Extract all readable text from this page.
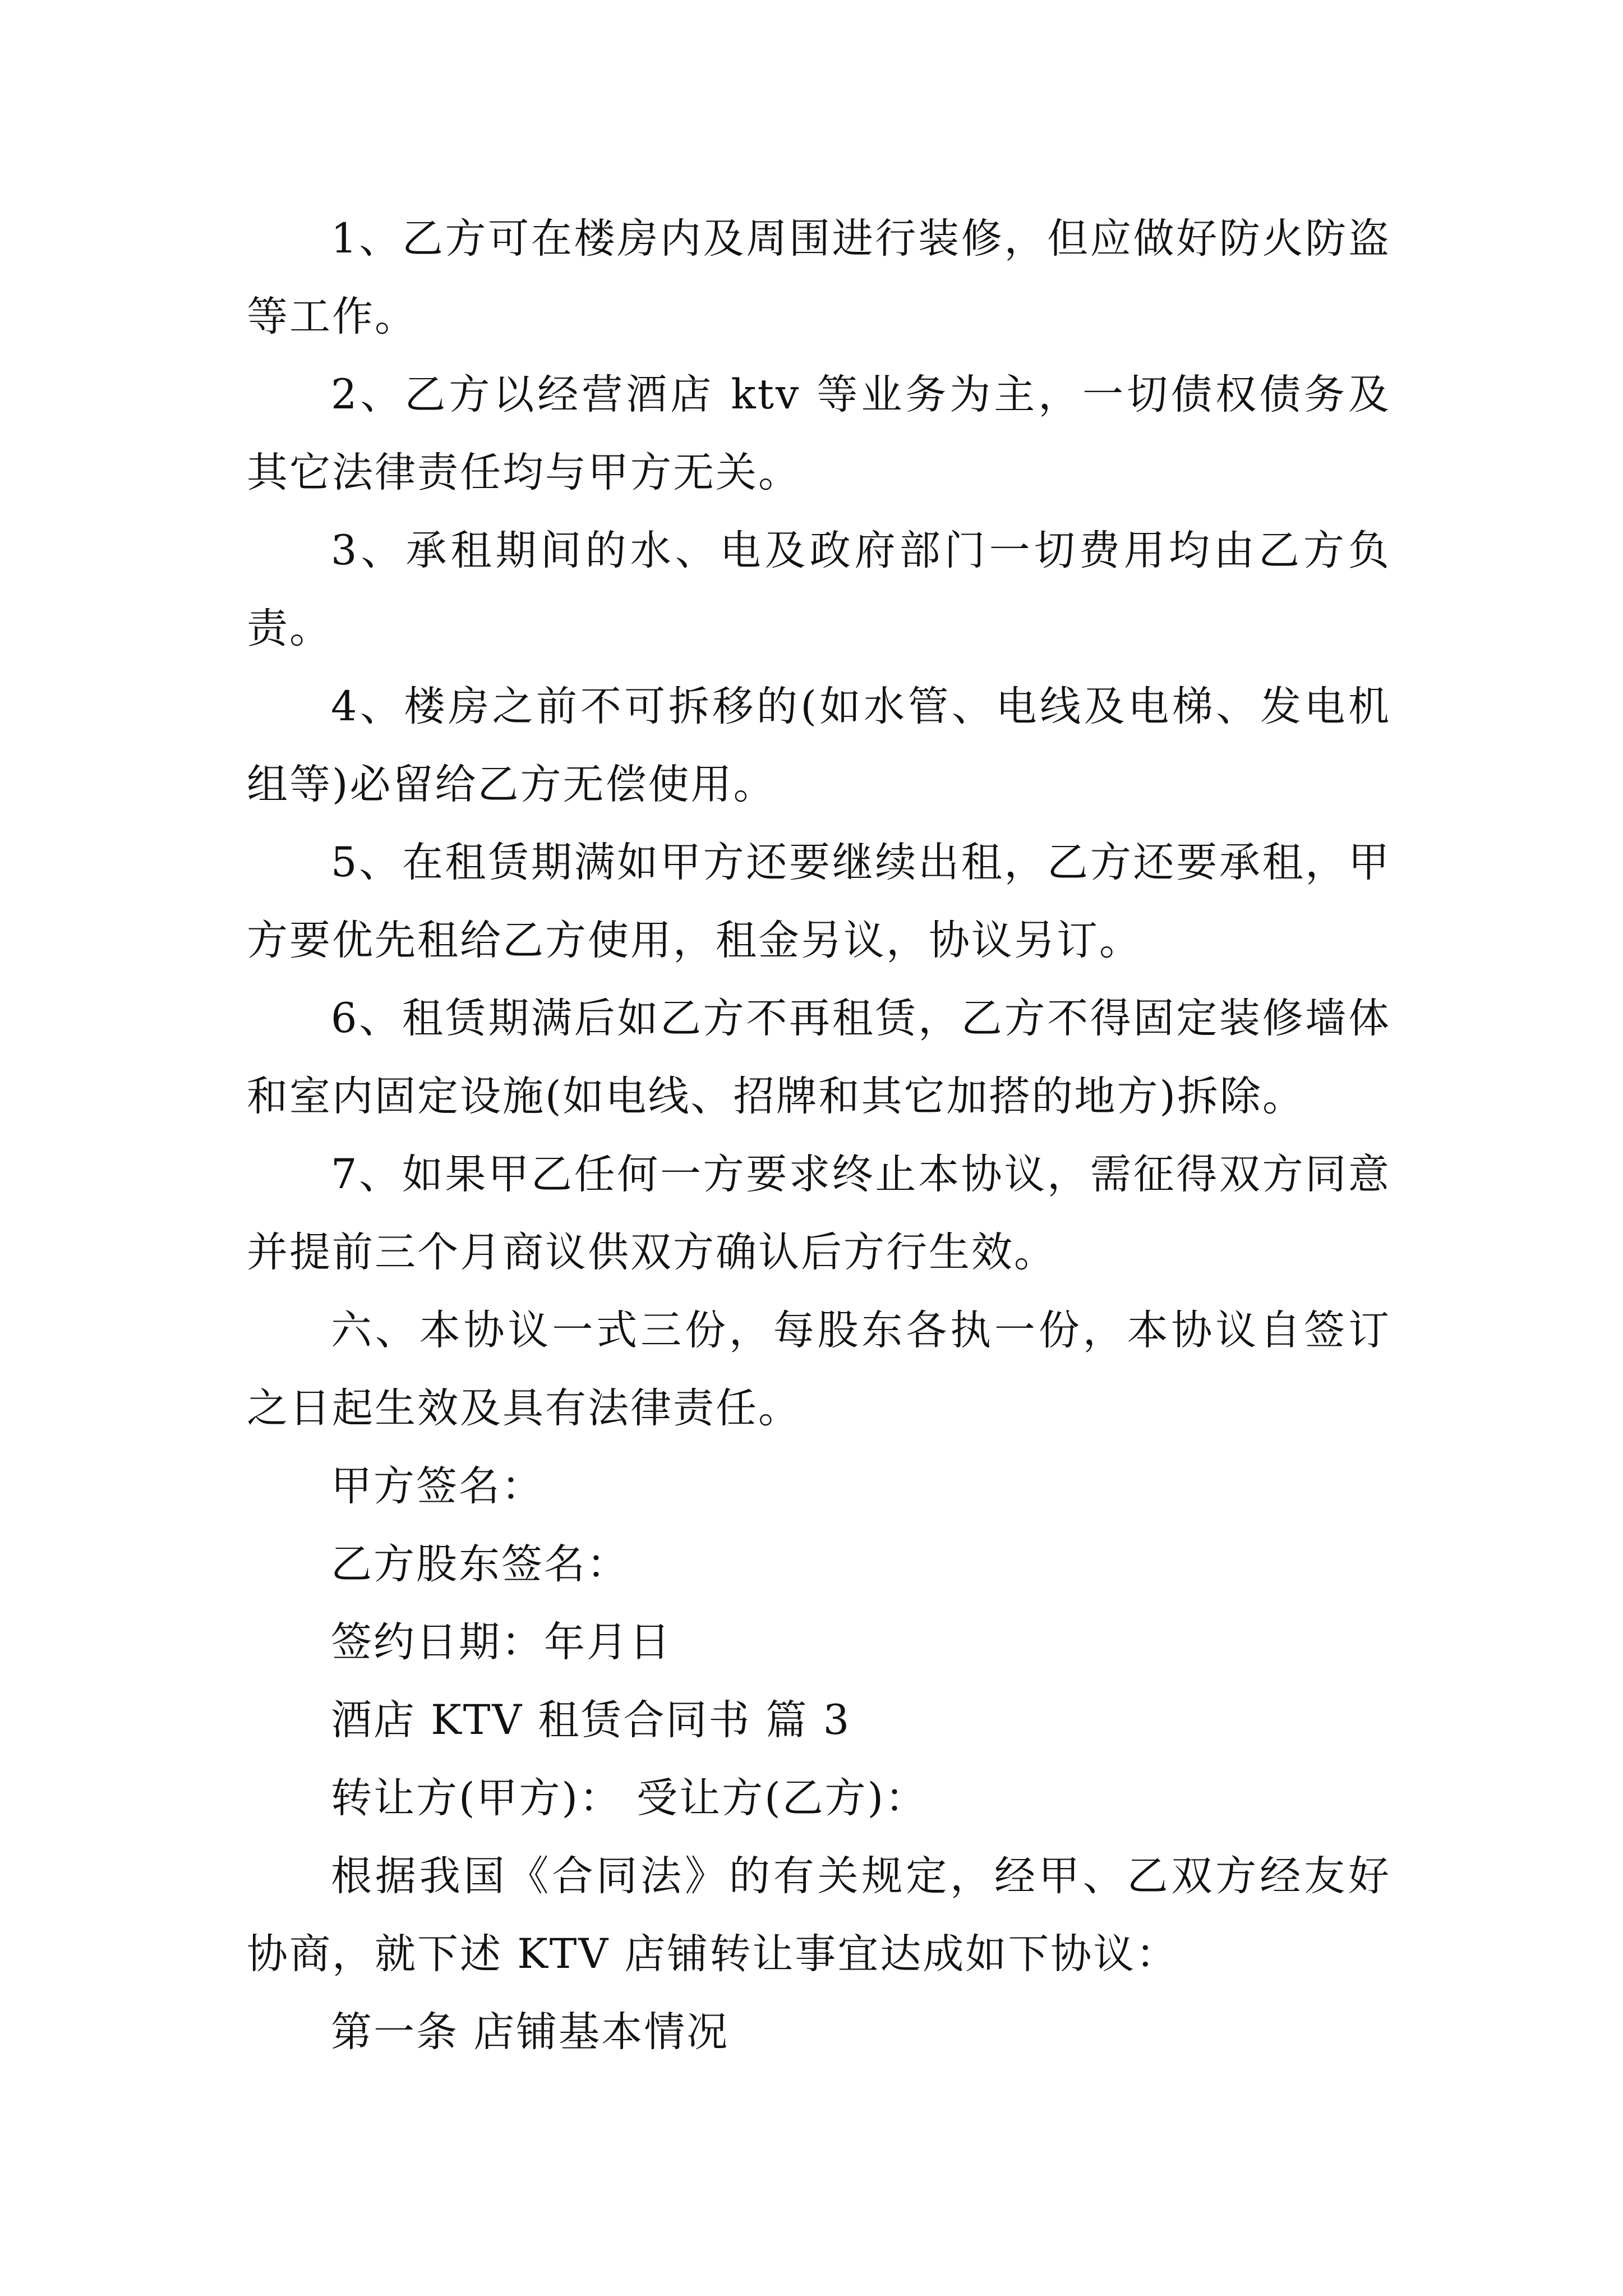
1、乙方可在楼房内及周围进行装修，但应做好防火防盗等工作。

2、乙方以经营酒店 ktv 等业务为主，一切债权债务及其它法律责任均与甲方无关。

3、承租期间的水、电及政府部门一切费用均由乙方负责。

4、楼房之前不可拆移的(如水管、电线及电梯、发电机组等)必留给乙方无偿使用。

5、在租赁期满如甲方还要继续出租，乙方还要承租，甲方要优先租给乙方使用，租金另议，协议另订。

6、租赁期满后如乙方不再租赁，乙方不得固定装修墙体和室内固定设施(如电线、招牌和其它加搭的地方)拆除。

7、如果甲乙任何一方要求终止本协议，需征得双方同意并提前三个月商议供双方确认后方行生效。

六、本协议一式三份，每股东各执一份，本协议自签订之日起生效及具有法律责任。

甲方签名：

乙方股东签名：

签约日期：年月日

酒店 KTV 租赁合同书 篇 3

转让方(甲方)： 受让方(乙方)：

根据我国《合同法》的有关规定，经甲、乙双方经友好协商，就下述 KTV 店铺转让事宜达成如下协议：

第一条 店铺基本情况
